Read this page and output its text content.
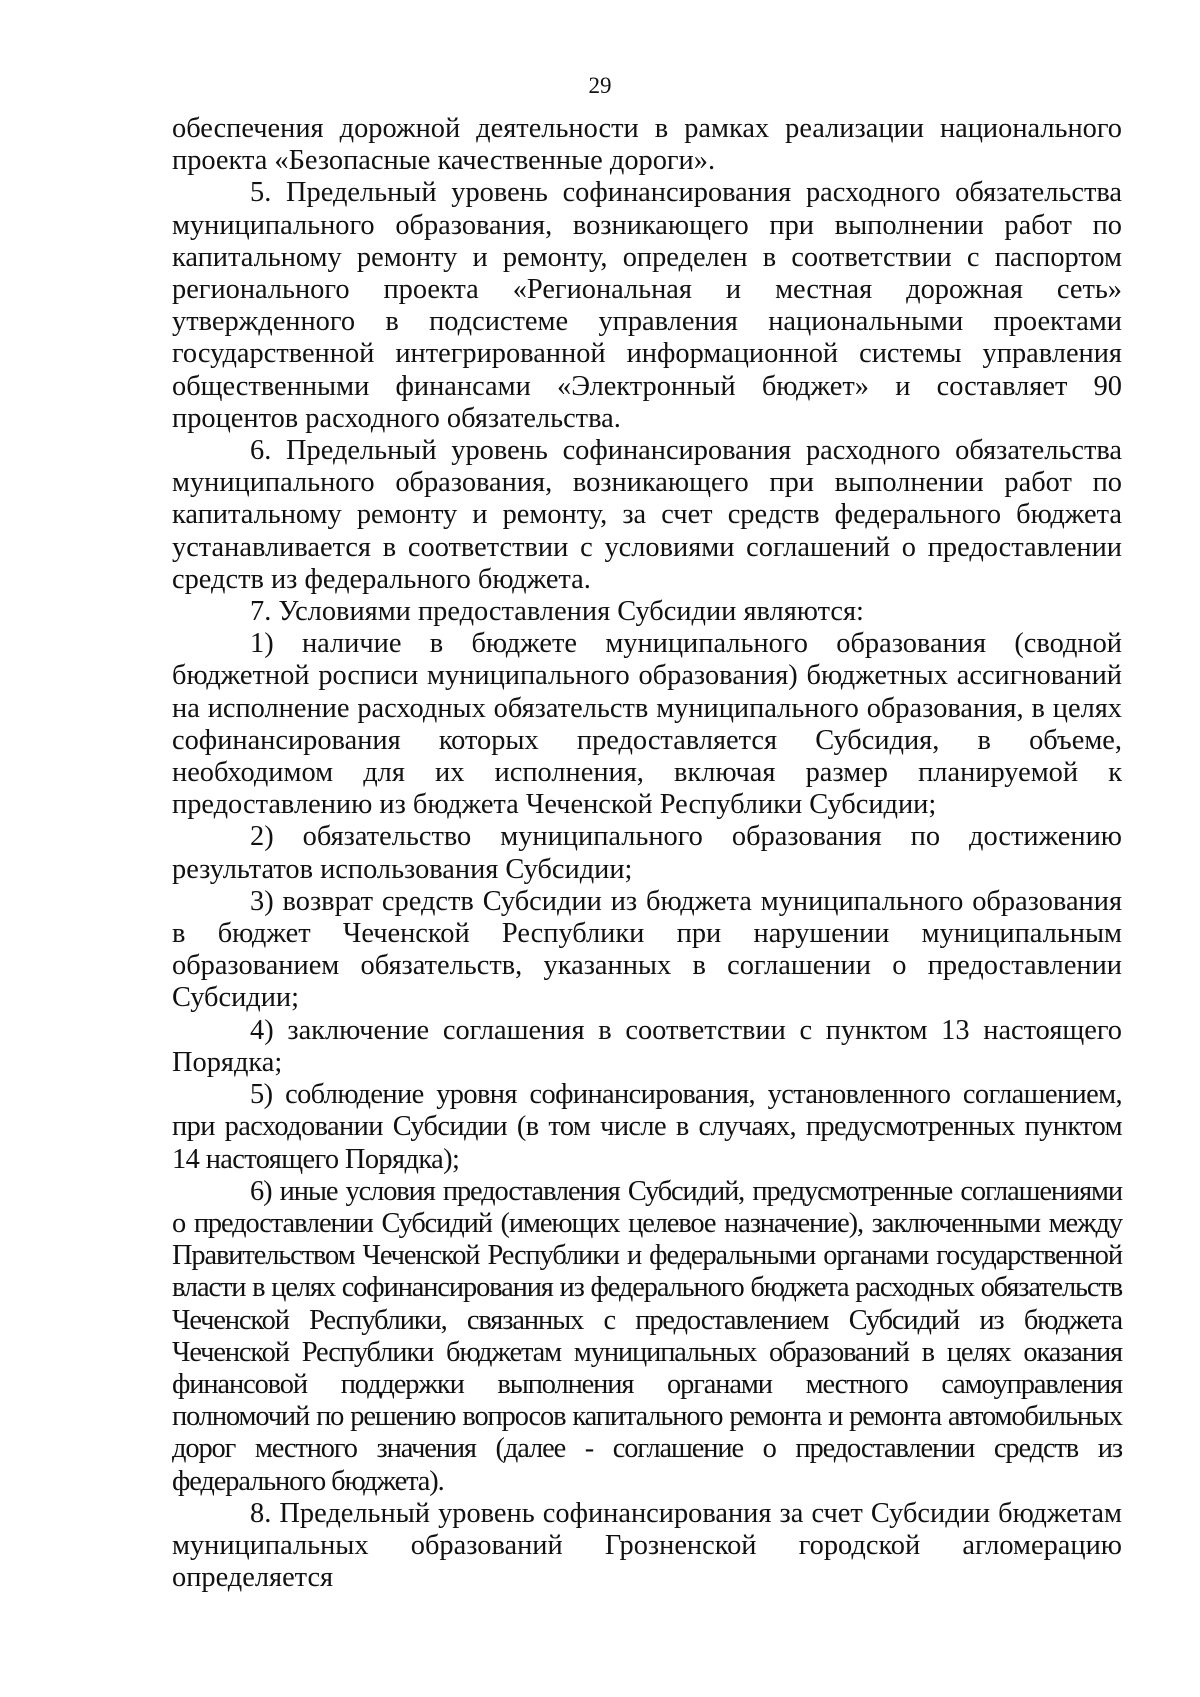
29

обеспечения дорожной деятельности в рамках реализации национального проекта «Безопасные качественные дороги».

5. Предельный уровень софинансирования расходного обязательства муниципального образования, возникающего при выполнении работ по капитальному ремонту и ремонту, определен в соответствии с паспортом регионального проекта «Региональная и местная дорожная сеть» утвержденного в подсистеме управления национальными проектами государственной интегрированной информационной системы управления общественными финансами «Электронный бюджет» и составляет 90 процентов расходного обязательства.

6. Предельный уровень софинансирования расходного обязательства муниципального образования, возникающего при выполнении работ по капитальному ремонту и ремонту, за счет средств федерального бюджета устанавливается в соответствии с условиями соглашений о предоставлении средств из федерального бюджета.

7. Условиями предоставления Субсидии являются:

1) наличие в бюджете муниципального образования (сводной бюджетной росписи муниципального образования) бюджетных ассигнований на исполнение расходных обязательств муниципального образования, в целях софинансирования которых предоставляется Субсидия, в объеме, необходимом для их исполнения, включая размер планируемой к предоставлению из бюджета Чеченской Республики Субсидии;

2) обязательство муниципального образования по достижению результатов использования Субсидии;

3) возврат средств Субсидии из бюджета муниципального образования в бюджет Чеченской Республики при нарушении муниципальным образованием обязательств, указанных в соглашении о предоставлении Субсидии;

4) заключение соглашения в соответствии с пунктом 13 настоящего Порядка;

5) соблюдение уровня софинансирования, установленного соглашением, при расходовании Субсидии (в том числе в случаях, предусмотренных пунктом 14 настоящего Порядка);

6) иные условия предоставления Субсидий, предусмотренные соглашениями о предоставлении Субсидий (имеющих целевое назначение), заключенными между Правительством Чеченской Республики и федеральными органами государственной власти в целях софинансирования из федерального бюджета расходных обязательств Чеченской Республики, связанных с предоставлением Субсидий из бюджета Чеченской Республики бюджетам муниципальных образований в целях оказания финансовой поддержки выполнения органами местного самоуправления полномочий по решению вопросов капитального ремонта и ремонта автомобильных дорог местного значения (далее - соглашение о предоставлении средств из федерального бюджета).

8. Предельный уровень софинансирования за счет Субсидии бюджетам муниципальных образований Грозненской городской агломерацию определяется
